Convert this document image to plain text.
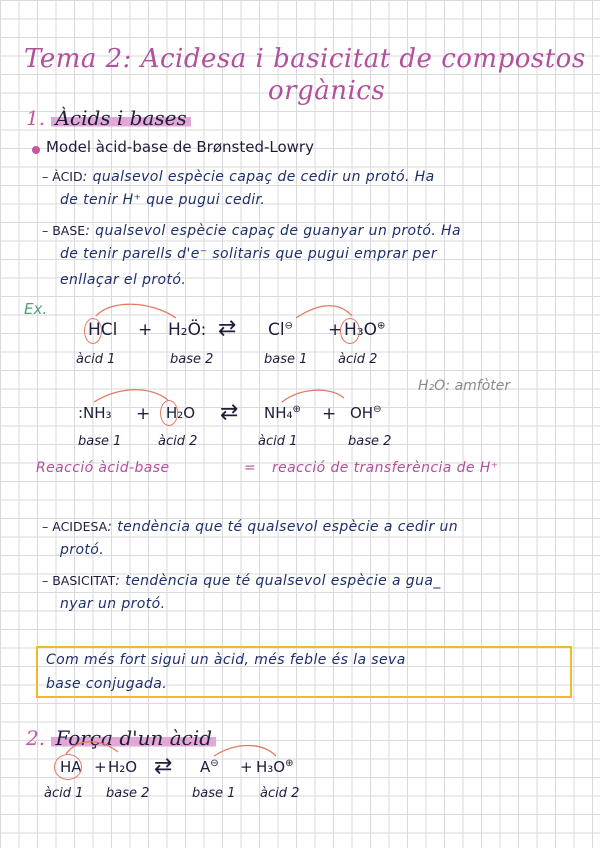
Tema 2: Acidesa i basicitat de compostos
orgànics
1. Àcids i bases
Model àcid-base de Brønsted-Lowry
– ÀCID: qualsevol espècie capaç de cedir un protó. Ha
de tenir H⁺ que pugui cedir.
– BASE: qualsevol espècie capaç de guanyar un protó. Ha
de tenir parells d'e⁻ solitaris que pugui emprar per
enllaçar el protó.
Ex.
HCl + H₂Ö: ⇄ Cl⊖ + H₃O⊕
àcid 1	base 2	base 1 àcid 2
H₂O: amfòter
:NH₃ + H₂O ⇄ NH₄⊕ + OH⊖
base 1	àcid 2	àcid 1	base 2
Reacció àcid-base	= reacció de transferència de H⁺
– ACIDESA: tendència que té qualsevol espècie a cedir un
protó.
– BASICITAT: tendència que té qualsevol espècie a gua_
nyar un protó.
Com més fort sigui un àcid, més feble és la seva
base conjugada.
2. Força d'un àcid
HA + H₂O ⇄ A⊖ + H₃O⊕
àcid 1 base 2	base 1 àcid 2
